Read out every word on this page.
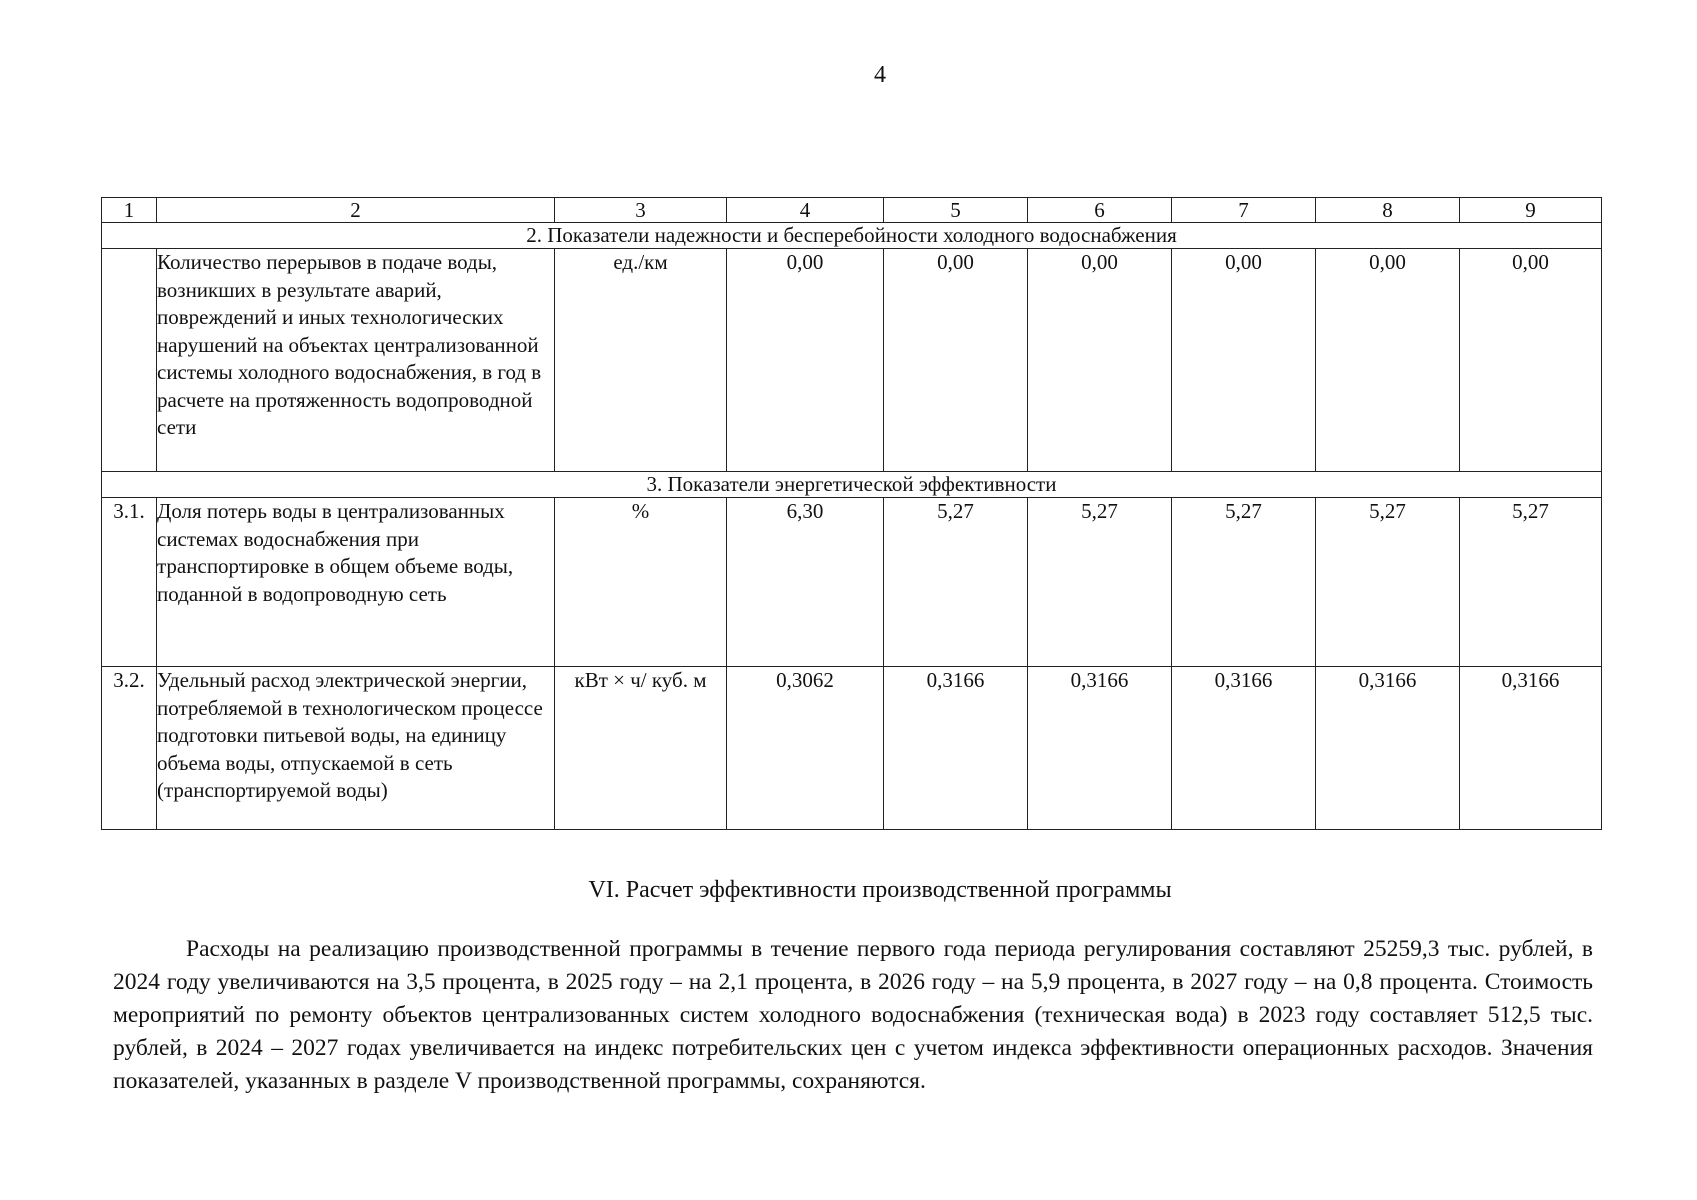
4
1	2	3	4	5	6	7	8	9
2. Показатели надежности и бесперебойности холодного водоснабжения								
	Количество перерывов в подаче воды, возникших в результате аварий, повреждений и иных технологических нарушений на объектах централизованной системы холодного водоснабжения, в год в расчете на протяженность водопроводной сети	ед./км	0,00	0,00	0,00	0,00	0,00	0,00
3. Показатели энергетической эффективности								
3.1.	Доля потерь воды в централизованных системах водоснабжения при транспортировке в общем объеме воды, поданной в водопроводную сеть	%	6,30	5,27	5,27	5,27	5,27	5,27
3.2.	Удельный расход электрической энергии, потребляемой в технологическом процессе подготовки питьевой воды, на единицу объема воды, отпускаемой в сеть (транспортируемой воды)	кВт × ч/ куб. м	0,3062	0,3166	0,3166	0,3166	0,3166	0,3166
VI. Расчет эффективности производственной программы

Расходы на реализацию производственной программы в течение первого года периода регулирования составляют 25259,3 тыс. рублей, в 2024 году увеличиваются на 3,5 процента, в 2025 году – на 2,1 процента, в 2026 году – на 5,9 процента, в 2027 году – на 0,8 процента. Стоимость мероприятий по ремонту объектов централизованных систем холодного водоснабжения (техническая вода) в 2023 году составляет 512,5 тыс. рублей, в 2024 – 2027 годах увеличивается на индекс потребительских цен с учетом индекса эффективности операционных расходов. Значения показателей, указанных в разделе V производственной программы, сохраняются.
